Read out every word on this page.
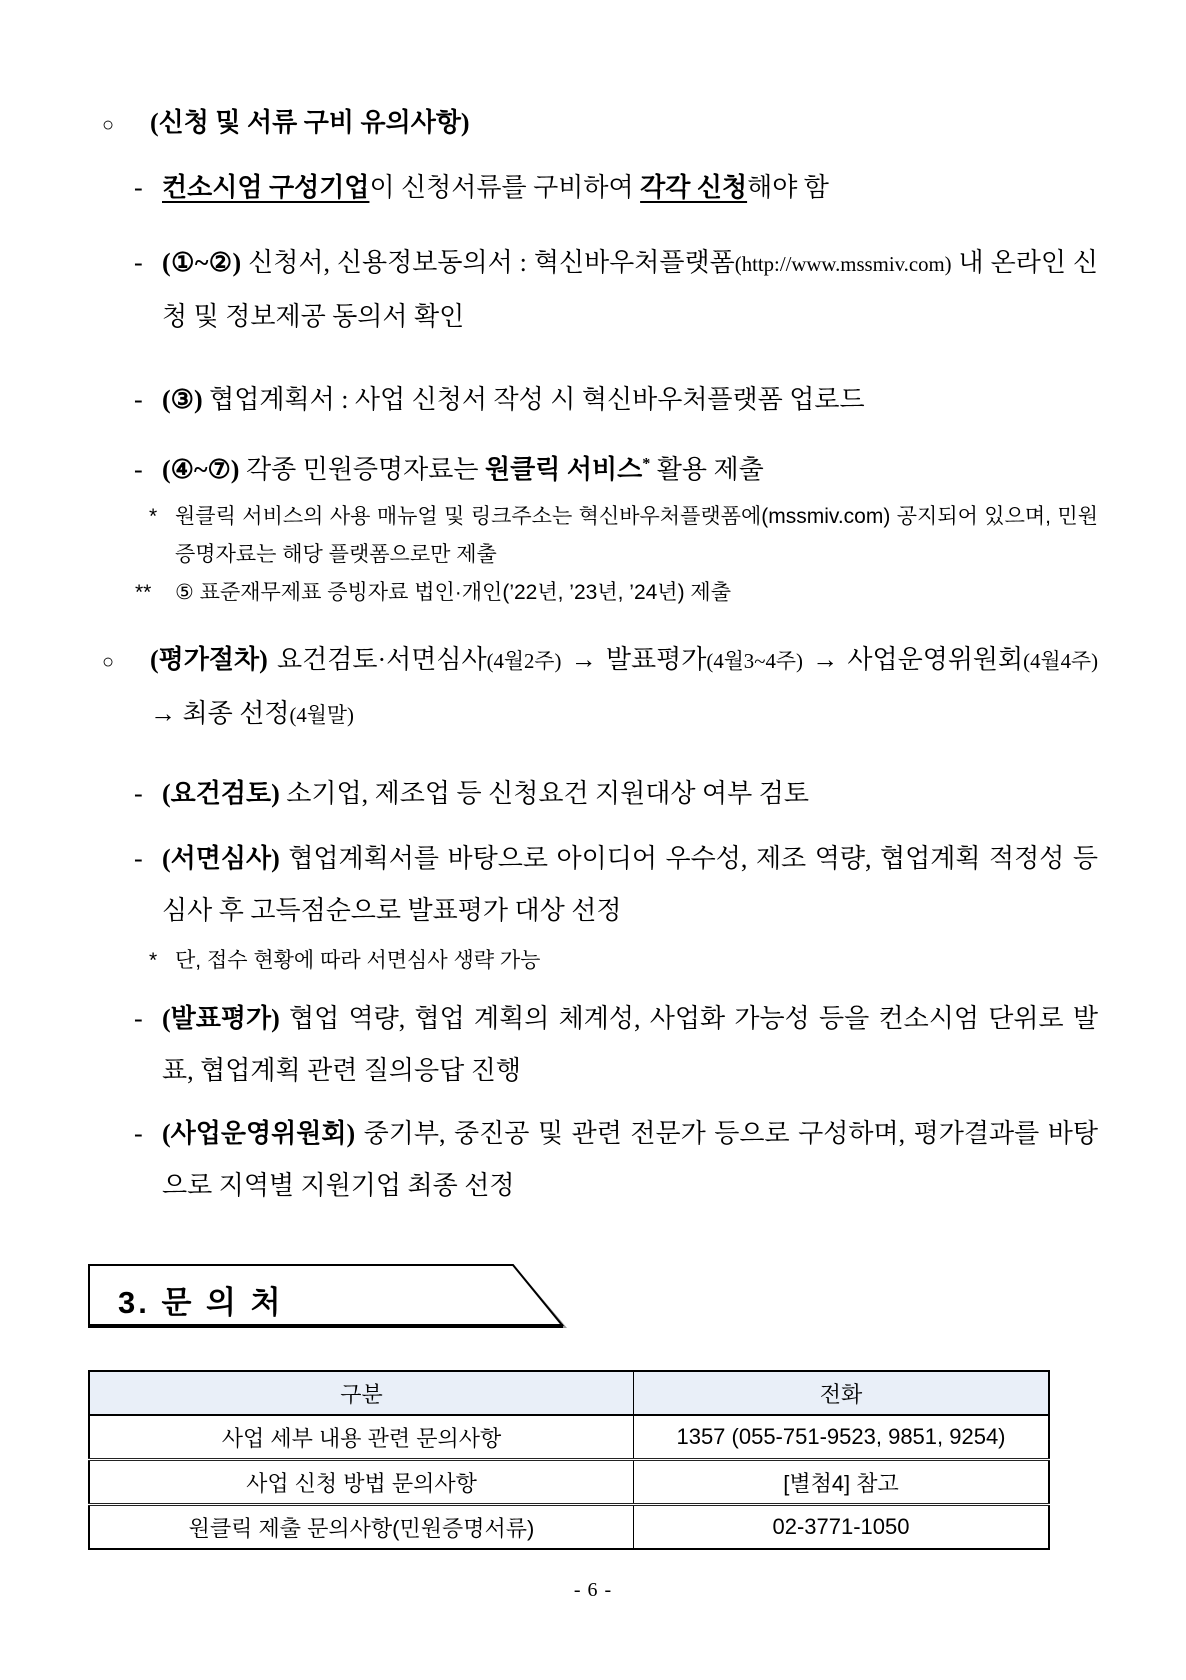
○ (신청 및 서류 구비 유의사항)
- 컨소시엄 구성기업이 신청서류를 구비하여 각각 신청해야 함
- (①~②) 신청서, 신용정보동의서 : 혁신바우처플랫폼(http://www.mssmiv.com) 내 온라인 신청 및 정보제공 동의서 확인
- (③) 협업계획서 : 사업 신청서 작성 시 혁신바우처플랫폼 업로드
- (④~⑦) 각종 민원증명자료는 원클릭 서비스* 활용 제출
* 원클릭 서비스의 사용 매뉴얼 및 링크주소는 혁신바우처플랫폼에(mssmiv.com) 공지되어 있으며, 민원증명자료는 해당 플랫폼으로만 제출
** ⑤ 표준재무제표 증빙자료 법인·개인(’22년, ’23년, ’24년) 제출
○ (평가절차) 요건검토·서면심사(4월2주) → 발표평가(4월3~4주) → 사업운영위원회(4월4주) → 최종 선정(4월말)
- (요건검토) 소기업, 제조업 등 신청요건 지원대상 여부 검토
- (서면심사) 협업계획서를 바탕으로 아이디어 우수성, 제조 역량, 협업계획 적정성 등 심사 후 고득점순으로 발표평가 대상 선정
* 단, 접수 현황에 따라 서면심사 생략 가능
- (발표평가) 협업 역량, 협업 계획의 체계성, 사업화 가능성 등을 컨소시엄 단위로 발표, 협업계획 관련 질의응답 진행
- (사업운영위원회) 중기부, 중진공 및 관련 전문가 등으로 구성하며, 평가결과를 바탕으로 지역별 지원기업 최종 선정
3. 문 의 처
구분	전화
사업 세부 내용 관련 문의사항	1357 (055-751-9523, 9851, 9254)
사업 신청 방법 문의사항	[별첨4] 참고
원클릭 제출 문의사항(민원증명서류)	02-3771-1050
- 6 -
